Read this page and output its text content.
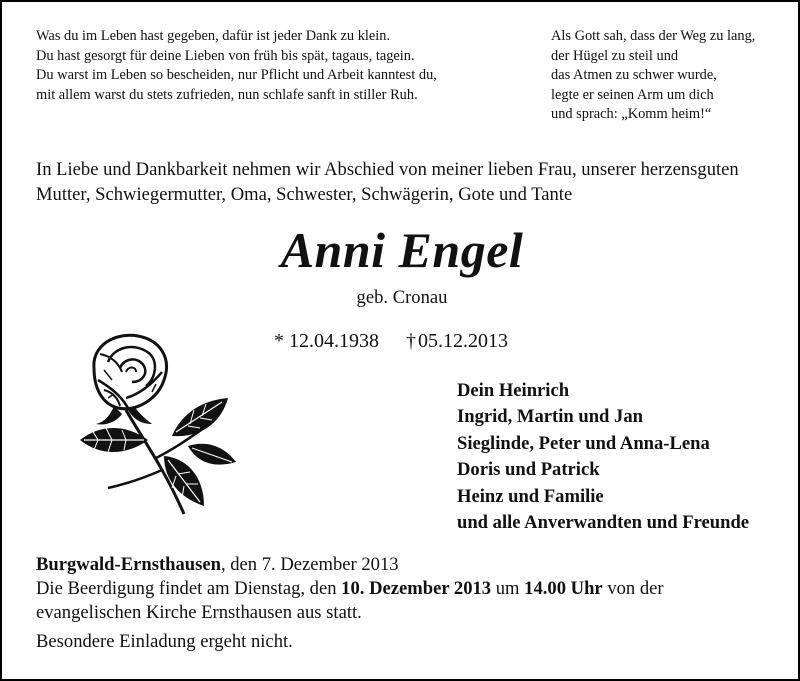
Was du im Leben hast gegeben, dafür ist jeder Dank zu klein.
Du hast gesorgt für deine Lieben von früh bis spät, tagaus, tagein.
Du warst im Leben so bescheiden, nur Pflicht und Arbeit kanntest du,
mit allem warst du stets zufrieden, nun schlafe sanft in stiller Ruh.
Als Gott sah, dass der Weg zu lang,
der Hügel zu steil und
das Atmen zu schwer wurde,
legte er seinen Arm um dich
und sprach: „Komm heim!“
In Liebe und Dankbarkeit nehmen wir Abschied von meiner lieben Frau, unserer herzensguten
Mutter, Schwiegermutter, Oma, Schwester, Schwägerin, Gote und Tante
Anni Engel
geb. Cronau
* 12.04.1938 † 05.12.2013
Dein Heinrich
Ingrid, Martin und Jan
Sieglinde, Peter und Anna-Lena
Doris und Patrick
Heinz und Familie
und alle Anverwandten und Freunde
Burgwald-Ernsthausen, den 7. Dezember 2013
Die Beerdigung findet am Dienstag, den 10. Dezember 2013 um 14.00 Uhr von der
evangelischen Kirche Ernsthausen aus statt.
Besondere Einladung ergeht nicht.
